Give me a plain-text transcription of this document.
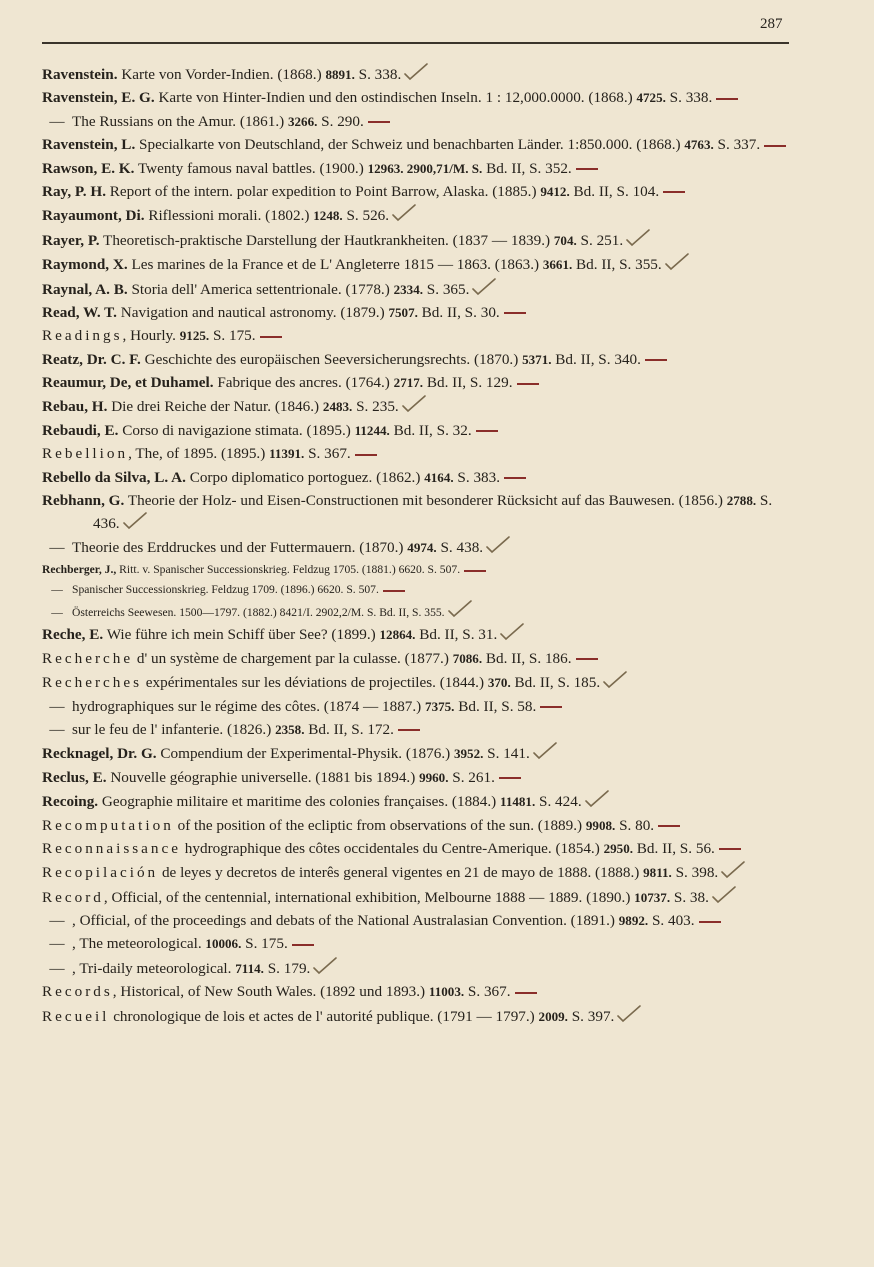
287
Ravenstein. Karte von Vorder-Indien. (1868.) 8891. S. 338.
Ravenstein, E. G. Karte von Hinter-Indien und den ostindischen Inseln. 1 : 12,000.0000. (1868.) 4725. S. 338.
— The Russians on the Amur. (1861.) 3266. S. 290.
Ravenstein, L. Specialkarte von Deutschland, der Schweiz und benachbarten Länder. 1:850.000. (1868.) 4763. S. 337.
Rawson, E. K. Twenty famous naval battles. (1900.) 12963. 2900,71/M. S. Bd. II, S. 352.
Ray, P. H. Report of the intern. polar expedition to Point Barrow, Alaska. (1885.) 9412. Bd. II, S. 104.
Rayaumont, Di. Riflessioni morali. (1802.) 1248. S. 526.
Rayer, P. Theoretisch-praktische Darstellung der Hautkrankheiten. (1837 — 1839.) 704. S. 251.
Raymond, X. Les marines de la France et de L' Angleterre 1815 — 1863. (1863.) 3661. Bd. II, S. 355.
Raynal, A. B. Storia dell' America settentrionale. (1778.) 2334. S. 365.
Read, W. T. Navigation and nautical astronomy. (1879.) 7507. Bd. II, S. 30.
Readings, Hourly. 9125. S. 175.
Reatz, Dr. C. F. Geschichte des europäischen Seeversicherungsrechts. (1870.) 5371. Bd. II, S. 340.
Reaumur, De, et Duhamel. Fabrique des ancres. (1764.) 2717. Bd. II, S. 129.
Rebau, H. Die drei Reiche der Natur. (1846.) 2483. S. 235.
Rebaudi, E. Corso di navigazione stimata. (1895.) 11244. Bd. II, S. 32.
Rebellion, The, of 1895. (1895.) 11391. S. 367.
Rebello da Silva, L. A. Corpo diplomatico portoguez. (1862.) 4164. S. 383.
Rebhann, G. Theorie der Holz- und Eisen-Constructionen mit besonderer Rücksicht auf das Bauwesen. (1856.) 2788. S. 436.
— Theorie des Erddruckes und der Futtermauern. (1870.) 4974. S. 438.
Rechberger, J., Ritt. v. Spanischer Successionskrieg. Feldzug 1705. (1881.) 6620. S. 507.
— Spanischer Successionskrieg. Feldzug 1709. (1896.) 6620. S. 507.
— Österreichs Seewesen. 1500—1797. (1882.) 8421/I. 2902,2/M. S. Bd. II, S. 355.
Reche, E. Wie führe ich mein Schiff über See? (1899.) 12864. Bd. II, S. 31.
Recherche d' un système de chargement par la culasse. (1877.) 7086. Bd. II, S. 186.
Recherches expérimentales sur les déviations de projectiles. (1844.) 370. Bd. II, S. 185.
— hydrographiques sur le régime des côtes. (1874 — 1887.) 7375. Bd. II, S. 58.
— sur le feu de l' infanterie. (1826.) 2358. Bd. II, S. 172.
Recknagel, Dr. G. Compendium der Experimental-Physik. (1876.) 3952. S. 141.
Reclus, E. Nouvelle géographie universelle. (1881 bis 1894.) 9960. S. 261.
Recoing. Geographie militaire et maritime des colonies françaises. (1884.) 11481. S. 424.
Recomputation of the position of the ecliptic from observations of the sun. (1889.) 9908. S. 80.
Reconnaissance hydrographique des côtes occidentales du Centre-Amerique. (1854.) 2950. Bd. II, S. 56.
Recopilación de leyes y decretos de interês general vigentes en 21 de mayo de 1888. (1888.) 9811. S. 398.
Record, Official, of the centennial, international exhibition, Melbourne 1888 — 1889. (1890.) 10737. S. 38.
— , Official, of the proceedings and debats of the National Australasian Convention. (1891.) 9892. S. 403.
— , The meteorological. 10006. S. 175.
— , Tri-daily meteorological. 7114. S. 179.
Records, Historical, of New South Wales. (1892 und 1893.) 11003. S. 367.
Recueil chronologique de lois et actes de l' autorité publique. (1791 — 1797.) 2009. S. 397.
